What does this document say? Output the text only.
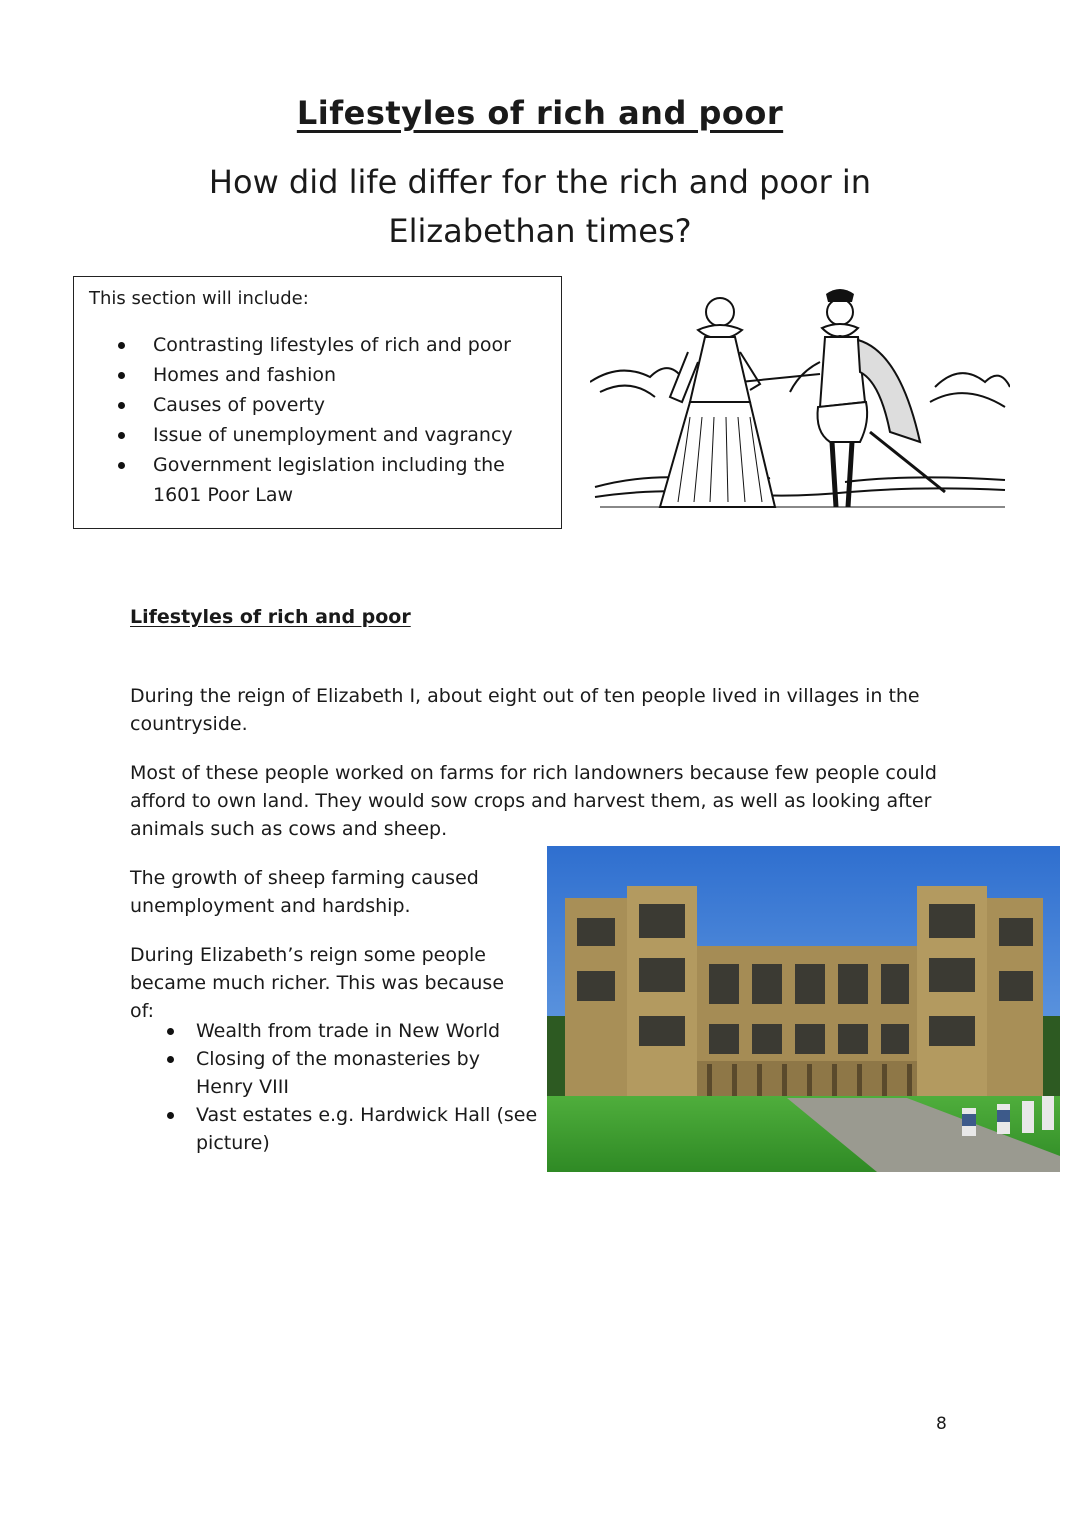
Lifestyles of rich and poor
How did life differ for the rich and poor in Elizabethan times?
This section will include:
Contrasting lifestyles of rich and poor
Homes and fashion
Causes of poverty
Issue of unemployment and vagrancy
Government legislation including the 1601 Poor Law
Lifestyles of rich and poor

During the reign of Elizabeth I, about eight out of ten people lived in villages in the countryside.

Most of these people worked on farms for rich landowners because few people could afford to own land. They would sow crops and harvest them, as well as looking after animals such as cows and sheep.

The growth of sheep farming caused unemployment and hardship.

During Elizabeth’s reign some people became much richer. This was because of:

Wealth from trade in New World
Closing of the monasteries by Henry VIII
Vast estates e.g. Hardwick Hall (see picture)
8
